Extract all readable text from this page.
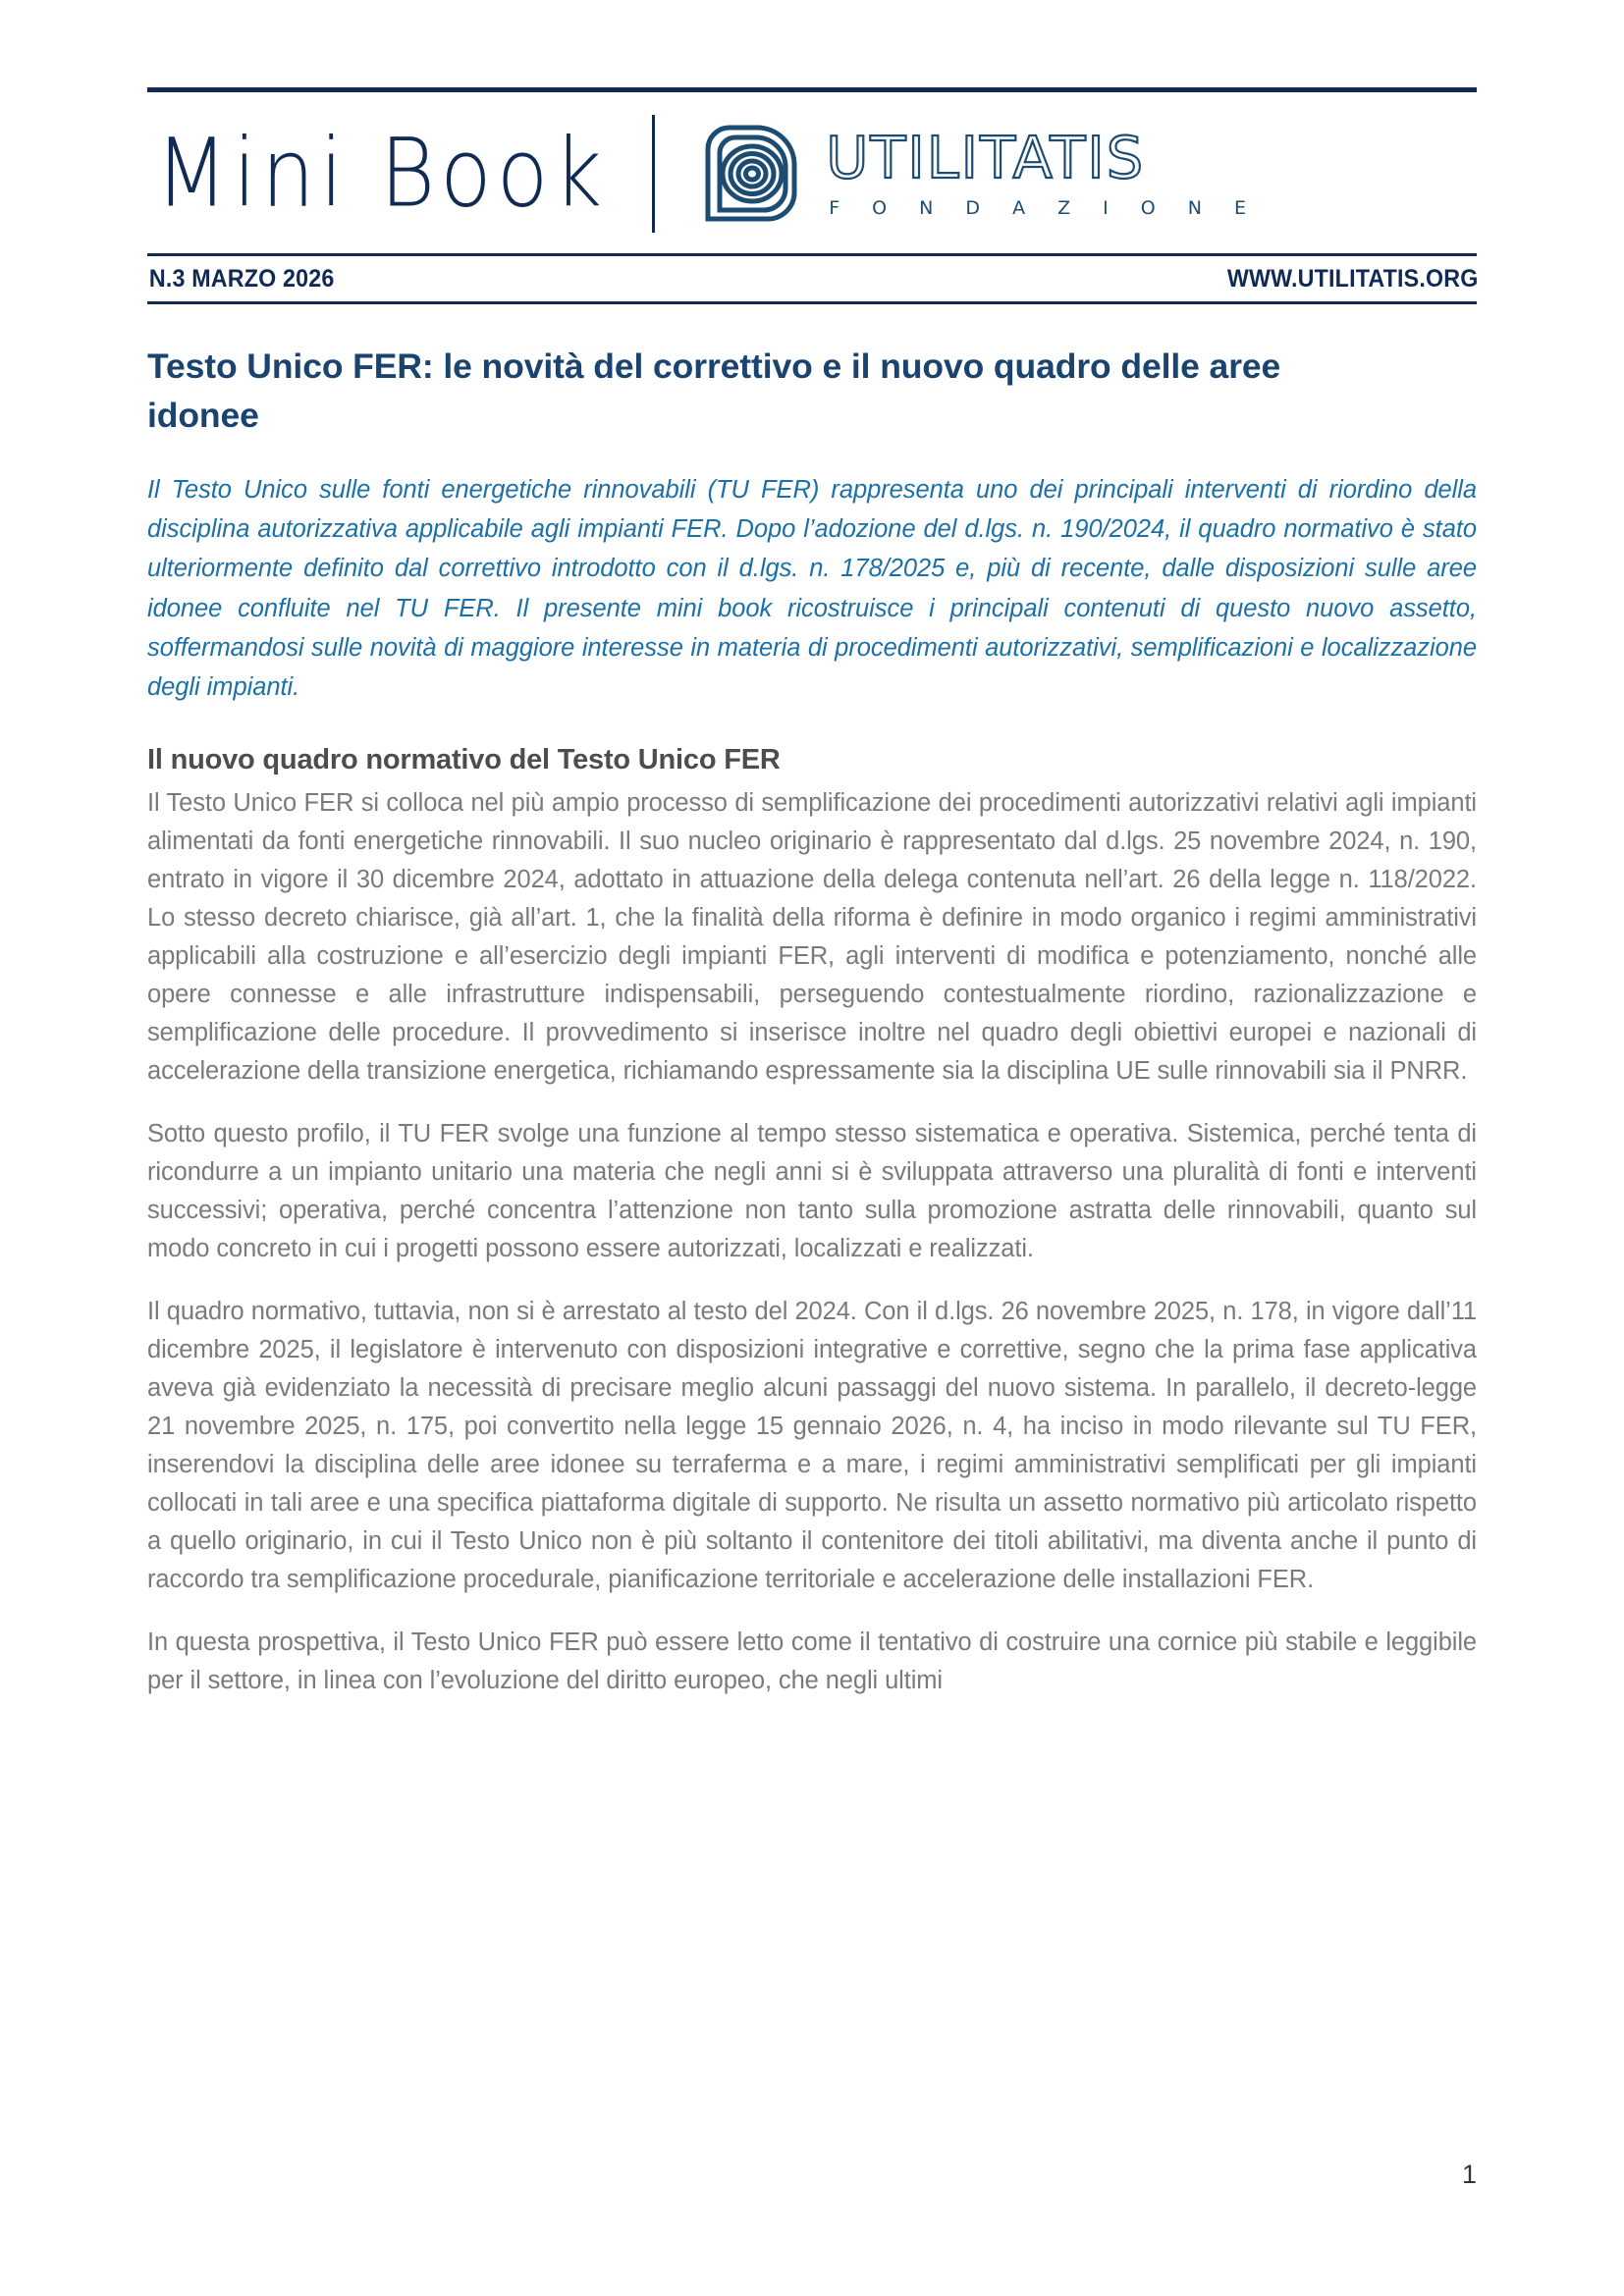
Mini Book	UTILITATIS
F O N D A Z I O N E
N.3 MARZO 2026	WWW.UTILITATIS.ORG
Testo Unico FER: le novità del correttivo e il nuovo quadro delle aree idonee

Il Testo Unico sulle fonti energetiche rinnovabili (TU FER) rappresenta uno dei principali interventi di riordino della disciplina autorizzativa applicabile agli impianti FER. Dopo l’adozione del d.lgs. n. 190/2024, il quadro normativo è stato ulteriormente definito dal correttivo introdotto con il d.lgs. n. 178/2025 e, più di recente, dalle disposizioni sulle aree idonee confluite nel TU FER. Il presente mini book ricostruisce i principali contenuti di questo nuovo assetto, soffermandosi sulle novità di maggiore interesse in materia di procedimenti autorizzativi, semplificazioni e localizzazione degli impianti.

Il nuovo quadro normativo del Testo Unico FER

Il Testo Unico FER si colloca nel più ampio processo di semplificazione dei procedimenti autorizzativi relativi agli impianti alimentati da fonti energetiche rinnovabili. Il suo nucleo originario è rappresentato dal d.lgs. 25 novembre 2024, n. 190, entrato in vigore il 30 dicembre 2024, adottato in attuazione della delega contenuta nell’art. 26 della legge n. 118/2022. Lo stesso decreto chiarisce, già all’art. 1, che la finalità della riforma è definire in modo organico i regimi amministrativi applicabili alla costruzione e all’esercizio degli impianti FER, agli interventi di modifica e potenziamento, nonché alle opere connesse e alle infrastrutture indispensabili, perseguendo contestualmente riordino, razionalizzazione e semplificazione delle procedure. Il provvedimento si inserisce inoltre nel quadro degli obiettivi europei e nazionali di accelerazione della transizione energetica, richiamando espressamente sia la disciplina UE sulle rinnovabili sia il PNRR.

Sotto questo profilo, il TU FER svolge una funzione al tempo stesso sistematica e operativa. Sistemica, perché tenta di ricondurre a un impianto unitario una materia che negli anni si è sviluppata attraverso una pluralità di fonti e interventi successivi; operativa, perché concentra l’attenzione non tanto sulla promozione astratta delle rinnovabili, quanto sul modo concreto in cui i progetti possono essere autorizzati, localizzati e realizzati.

Il quadro normativo, tuttavia, non si è arrestato al testo del 2024. Con il d.lgs. 26 novembre 2025, n. 178, in vigore dall’11 dicembre 2025, il legislatore è intervenuto con disposizioni integrative e correttive, segno che la prima fase applicativa aveva già evidenziato la necessità di precisare meglio alcuni passaggi del nuovo sistema. In parallelo, il decreto-legge 21 novembre 2025, n. 175, poi convertito nella legge 15 gennaio 2026, n. 4, ha inciso in modo rilevante sul TU FER, inserendovi la disciplina delle aree idonee su terraferma e a mare, i regimi amministrativi semplificati per gli impianti collocati in tali aree e una specifica piattaforma digitale di supporto. Ne risulta un assetto normativo più articolato rispetto a quello originario, in cui il Testo Unico non è più soltanto il contenitore dei titoli abilitativi, ma diventa anche il punto di raccordo tra semplificazione procedurale, pianificazione territoriale e accelerazione delle installazioni FER.

In questa prospettiva, il Testo Unico FER può essere letto come il tentativo di costruire una cornice più stabile e leggibile per il settore, in linea con l’evoluzione del diritto europeo, che negli ultimi

1
